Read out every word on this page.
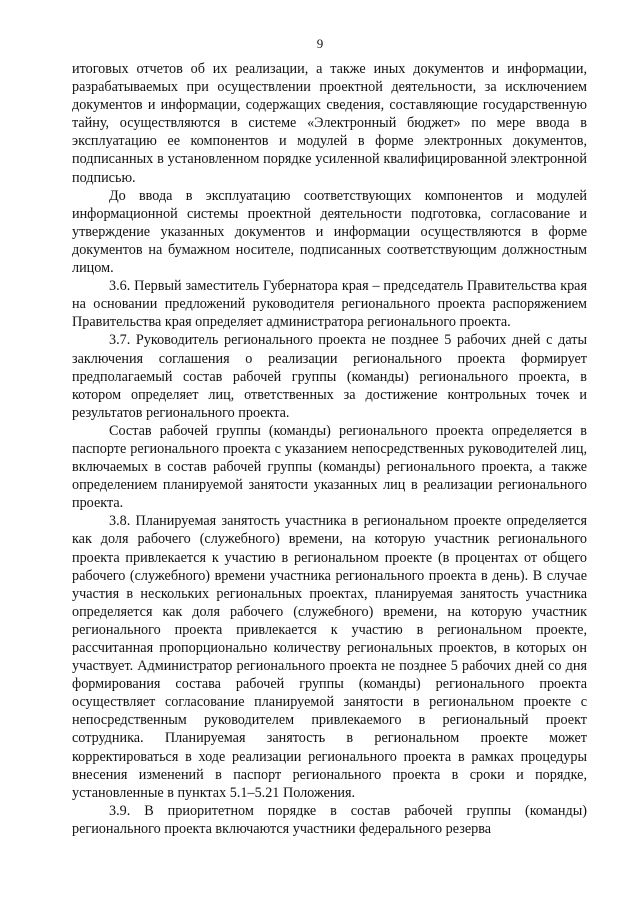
9

итоговых отчетов об их реализации, а также иных документов и информации, разрабатываемых при осуществлении проектной деятельности, за исключением документов и информации, содержащих сведения, составляющие государственную тайну, осуществляются в системе «Электронный бюджет» по мере ввода в эксплуатацию ее компонентов и модулей в форме электронных документов, подписанных в установленном порядке усиленной квалифицированной электронной подписью.

До ввода в эксплуатацию соответствующих компонентов и модулей информационной системы проектной деятельности подготовка, согласование и утверждение указанных документов и информации осуществляются в форме документов на бумажном носителе, подписанных соответствующим должностным лицом.

3.6. Первый заместитель Губернатора края – председатель Правительства края на основании предложений руководителя регионального проекта распоряжением Правительства края определяет администратора регионального проекта.

3.7. Руководитель регионального проекта не позднее 5 рабочих дней с даты заключения соглашения о реализации регионального проекта формирует предполагаемый состав рабочей группы (команды) регионального проекта, в котором определяет лиц, ответственных за достижение контрольных точек и результатов регионального проекта.

Состав рабочей группы (команды) регионального проекта определяется в паспорте регионального проекта с указанием непосредственных руководителей лиц, включаемых в состав рабочей группы (команды) регионального проекта, а также определением планируемой занятости указанных лиц в реализации регионального проекта.

3.8. Планируемая занятость участника в региональном проекте определяется как доля рабочего (служебного) времени, на которую участник регионального проекта привлекается к участию в региональном проекте (в процентах от общего рабочего (служебного) времени участника регионального проекта в день). В случае участия в нескольких региональных проектах, планируемая занятость участника определяется как доля рабочего (служебного) времени, на которую участник регионального проекта привлекается к участию в региональном проекте, рассчитанная пропорционально количеству региональных проектов, в которых он участвует. Администратор регионального проекта не позднее 5 рабочих дней со дня формирования состава рабочей группы (команды) регионального проекта осуществляет согласование планируемой занятости в региональном проекте с непосредственным руководителем привлекаемого в региональный проект сотрудника. Планируемая занятость в региональном проекте может корректироваться в ходе реализации регионального проекта в рамках процедуры внесения изменений в паспорт регионального проекта в сроки и порядке, установленные в пунктах 5.1–5.21 Положения.

3.9. В приоритетном порядке в состав рабочей группы (команды) регионального проекта включаются участники федерального резерва
